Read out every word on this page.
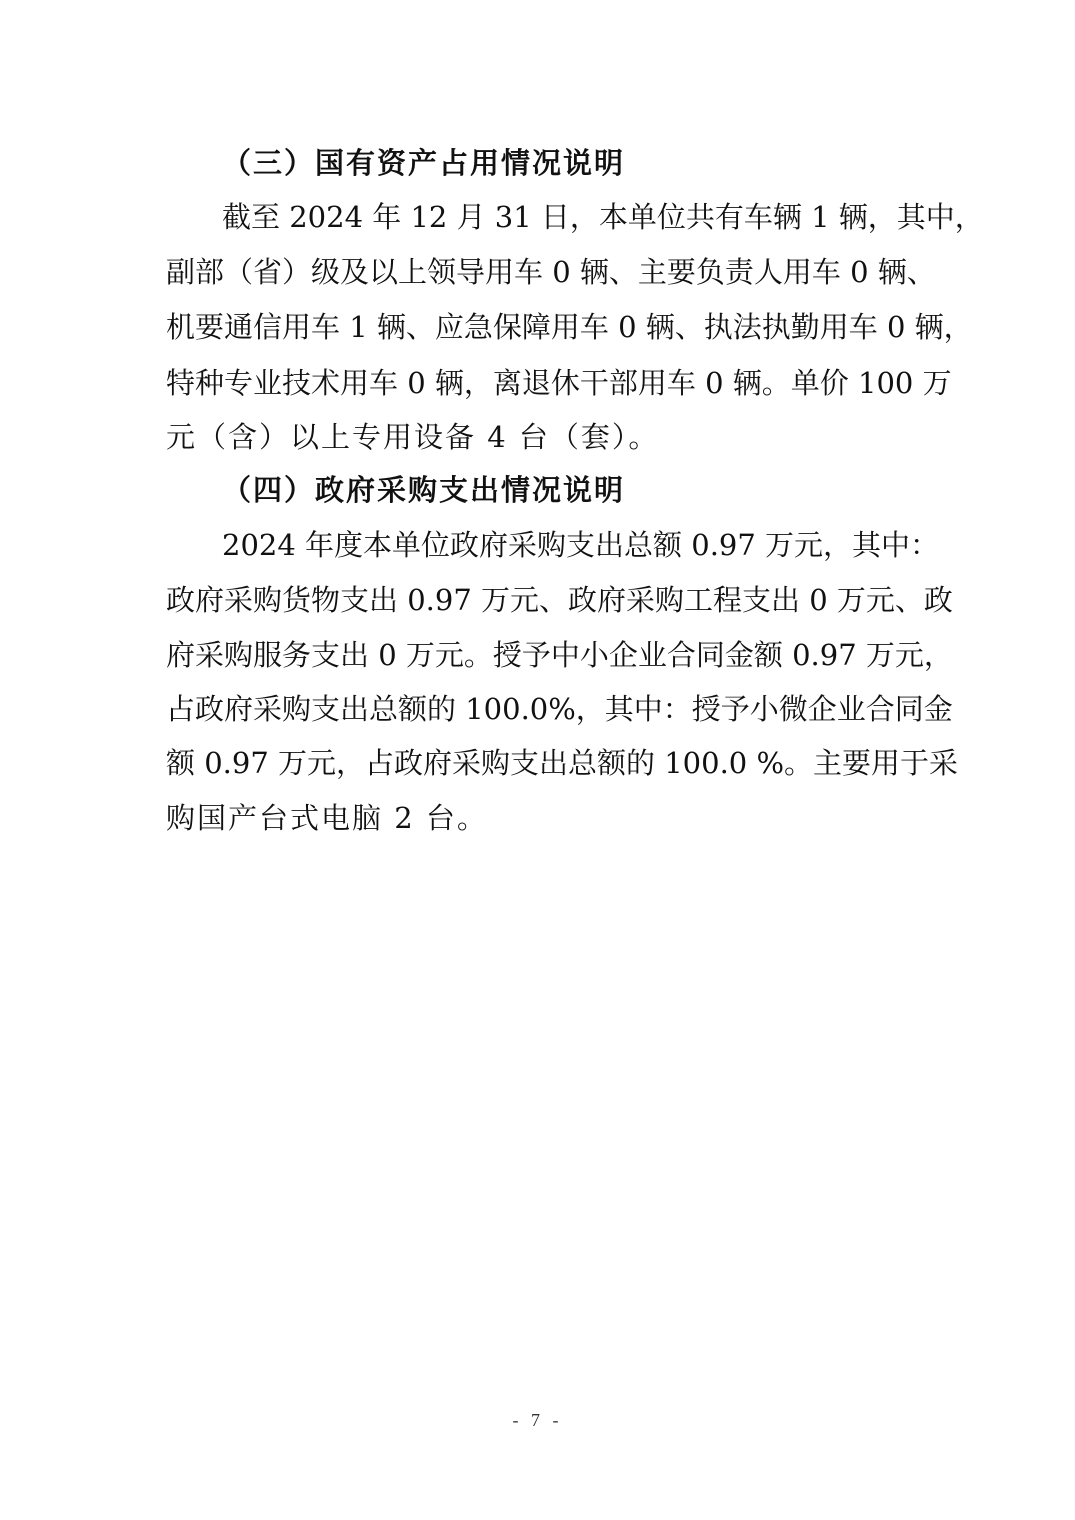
（三）国有资产占用情况说明
截至 2024 年 12 月 31 日，本单位共有车辆 1 辆，其中，
副部（省）级及以上领导用车 0 辆、主要负责人用车 0 辆、
机要通信用车 1 辆、应急保障用车 0 辆、执法执勤用车 0 辆，
特种专业技术用车 0 辆，离退休干部用车 0 辆。单价 100 万
元（含）以上专用设备 4 台（套）。
（四）政府采购支出情况说明
2024 年度本单位政府采购支出总额 0.97 万元，其中：
政府采购货物支出 0.97 万元、政府采购工程支出 0 万元、政
府采购服务支出 0 万元。授予中小企业合同金额 0.97 万元，
占政府采购支出总额的 100.0%，其中：授予小微企业合同金
额 0.97 万元，占政府采购支出总额的 100.0 %。主要用于采
购国产台式电脑 2 台。
- 7 -
